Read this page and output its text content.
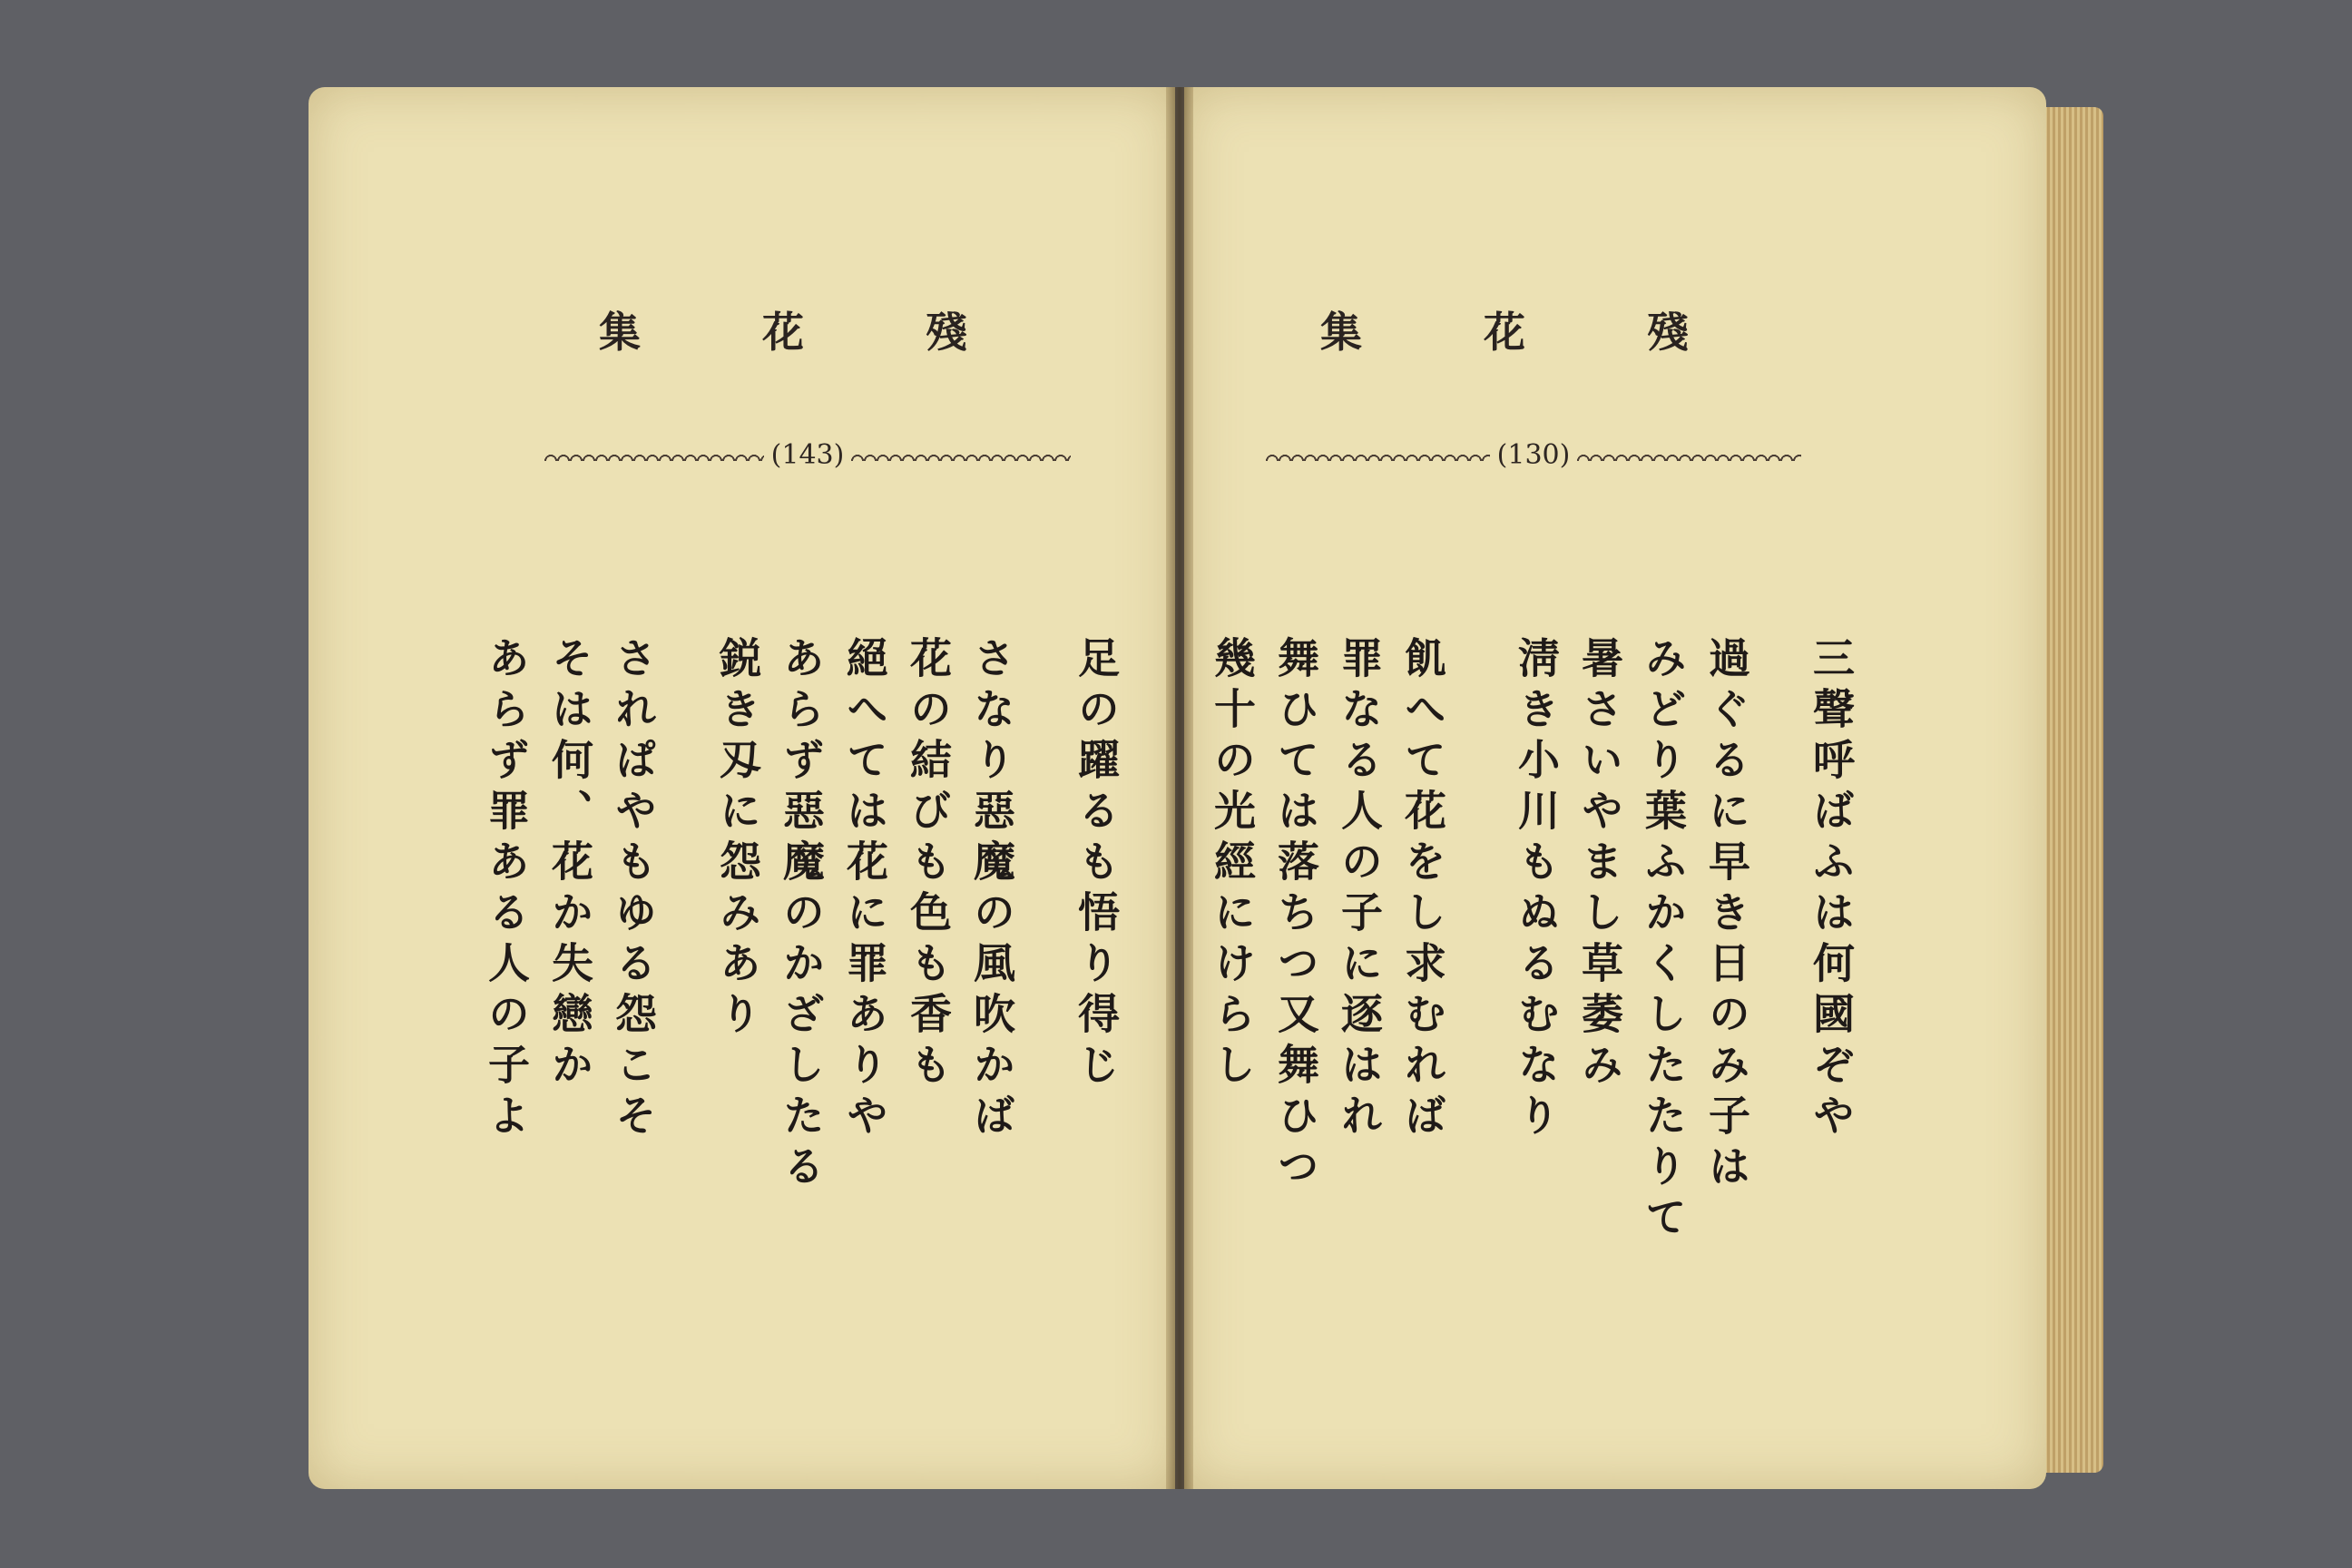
集	花	殘
(143)
足の躍るも悟り得じ
さなり惡魔の風吹かば
花の結びも色も香も
絕へては花に罪ありや
あらず惡魔のかざしたる
鋭き刄に怨みあり
されぱやもゆる怨こそ
そは何、花か失戀か
あらず罪ある人の子よ
集	花	殘
(130)
三聲呼ばふは何國ぞや
過ぐるに早き日のみ子は
みどり葉ふかくしたたりて
暑さいやまし草萎み
淸き小川もぬるむなり
飢へて花をし求むれば
罪なる人の子に逐はれ
舞ひては落ちつ又舞ひつ
幾十の光經にけらし
